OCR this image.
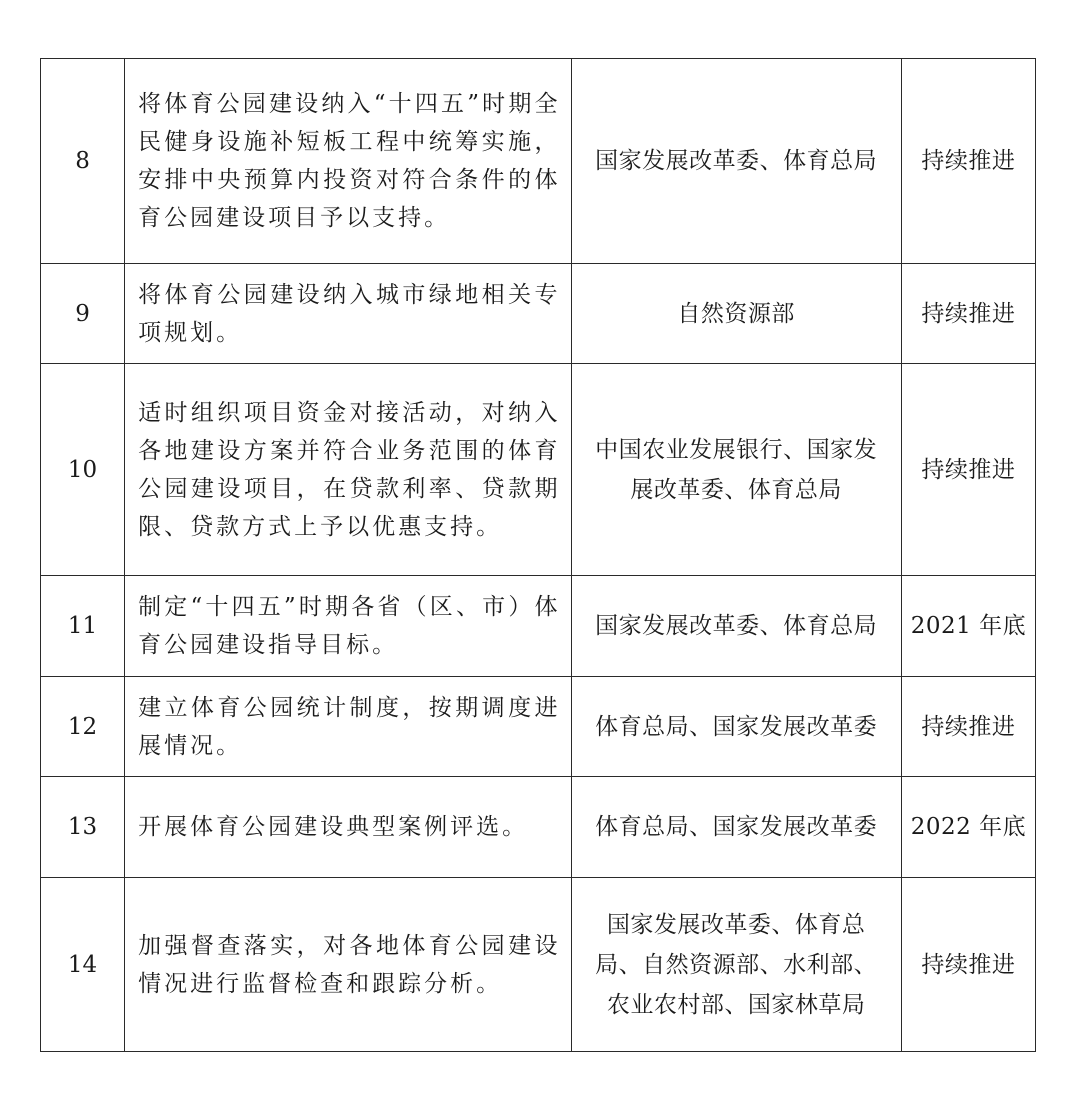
8	将体育公园建设纳入“十四五”时期全民健身设施补短板工程中统筹实施，安排中央预算内投资对符合条件的体育公园建设项目予以支持。	国家发展改革委、体育总局	持续推进
9	将体育公园建设纳入城市绿地相关专项规划。	自然资源部	持续推进
10	适时组织项目资金对接活动，对纳入各地建设方案并符合业务范围的体育公园建设项目，在贷款利率、贷款期限、贷款方式上予以优惠支持。	中国农业发展银行、国家发
展改革委、体育总局	持续推进
11	制定“十四五”时期各省（区、市）体育公园建设指导目标。	国家发展改革委、体育总局	2021 年底
12	建立体育公园统计制度，按期调度进展情况。	体育总局、国家发展改革委	持续推进
13	开展体育公园建设典型案例评选。	体育总局、国家发展改革委	2022 年底
14	加强督查落实，对各地体育公园建设情况进行监督检查和跟踪分析。	国家发展改革委、体育总
局、自然资源部、水利部、
农业农村部、国家林草局	持续推进
